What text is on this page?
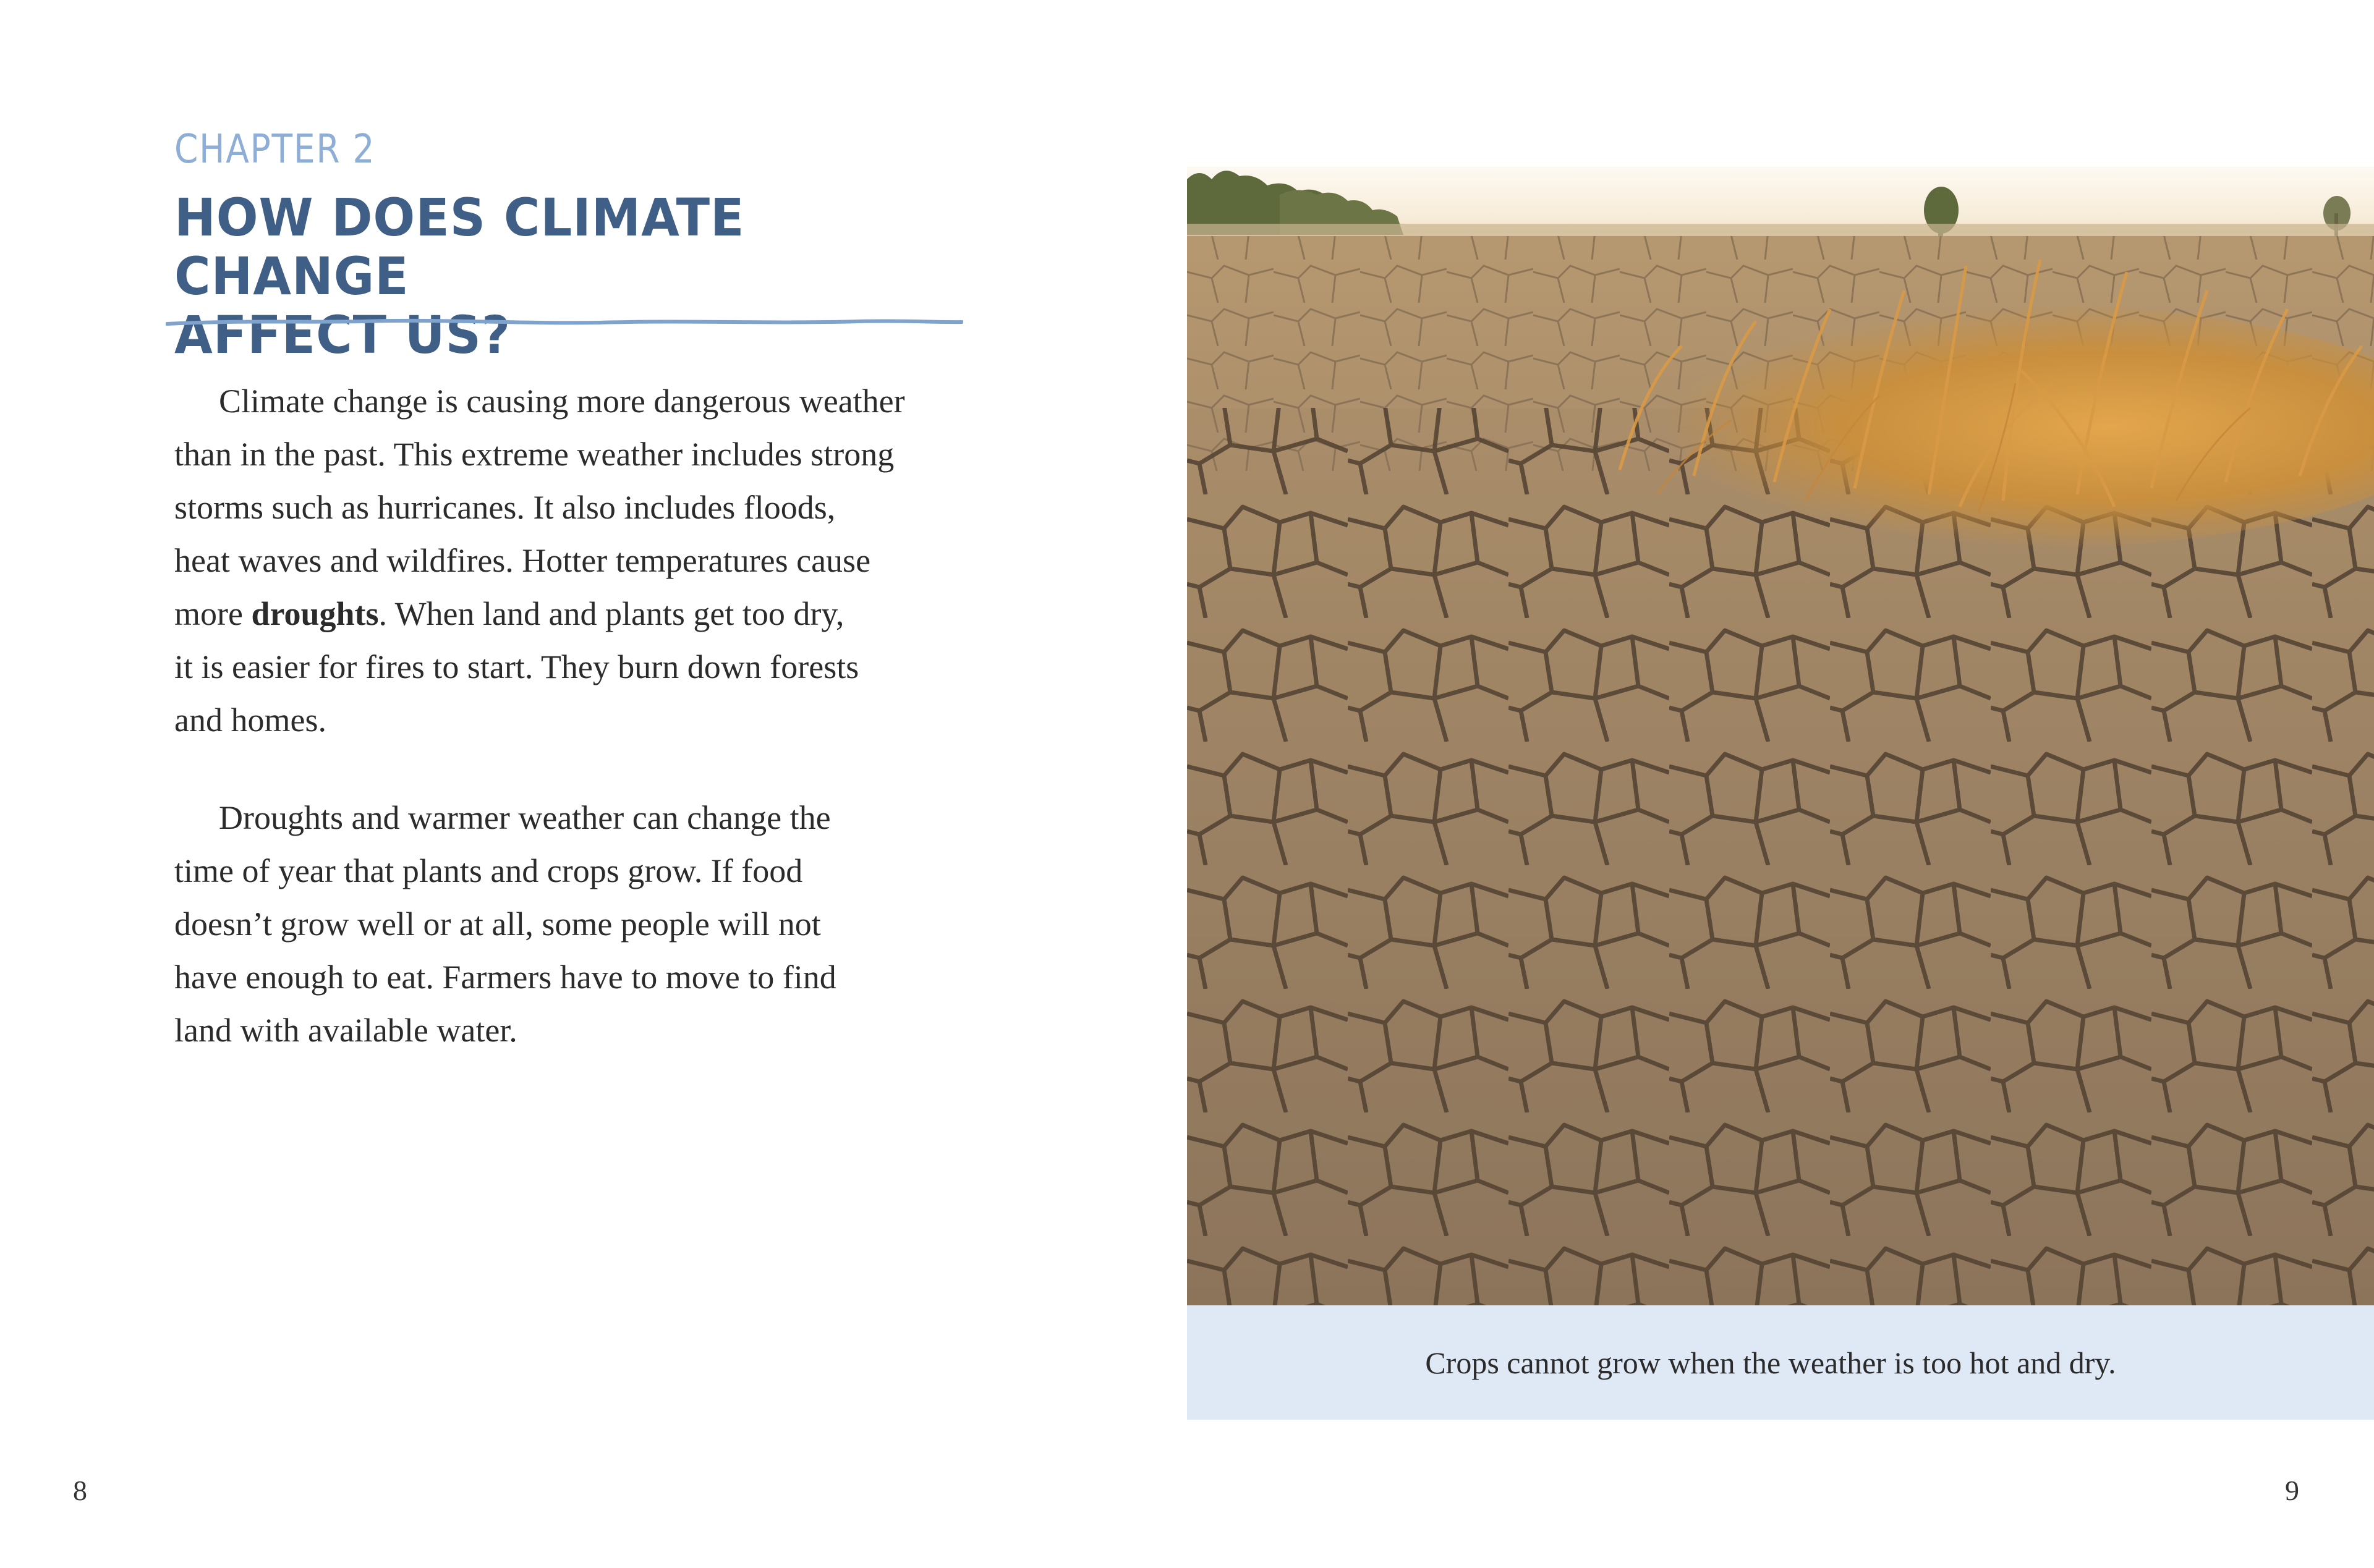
CHAPTER 2
HOW DOES CLIMATE CHANGE
AFFECT US?

Climate change is causing more dangerous weather
than in the past. This extreme weather includes strong
storms such as hurricanes. It also includes floods,
heat waves and wildfires. Hotter temperatures cause
more droughts. When land and plants get too dry,
it is easier for fires to start. They burn down forests
and homes.

Droughts and warmer weather can change the
time of year that plants and crops grow. If food
doesn’t grow well or at all, some people will not
have enough to eat. Farmers have to move to find
land with available water.

8
Crops cannot grow when the weather is too hot and dry.
9
